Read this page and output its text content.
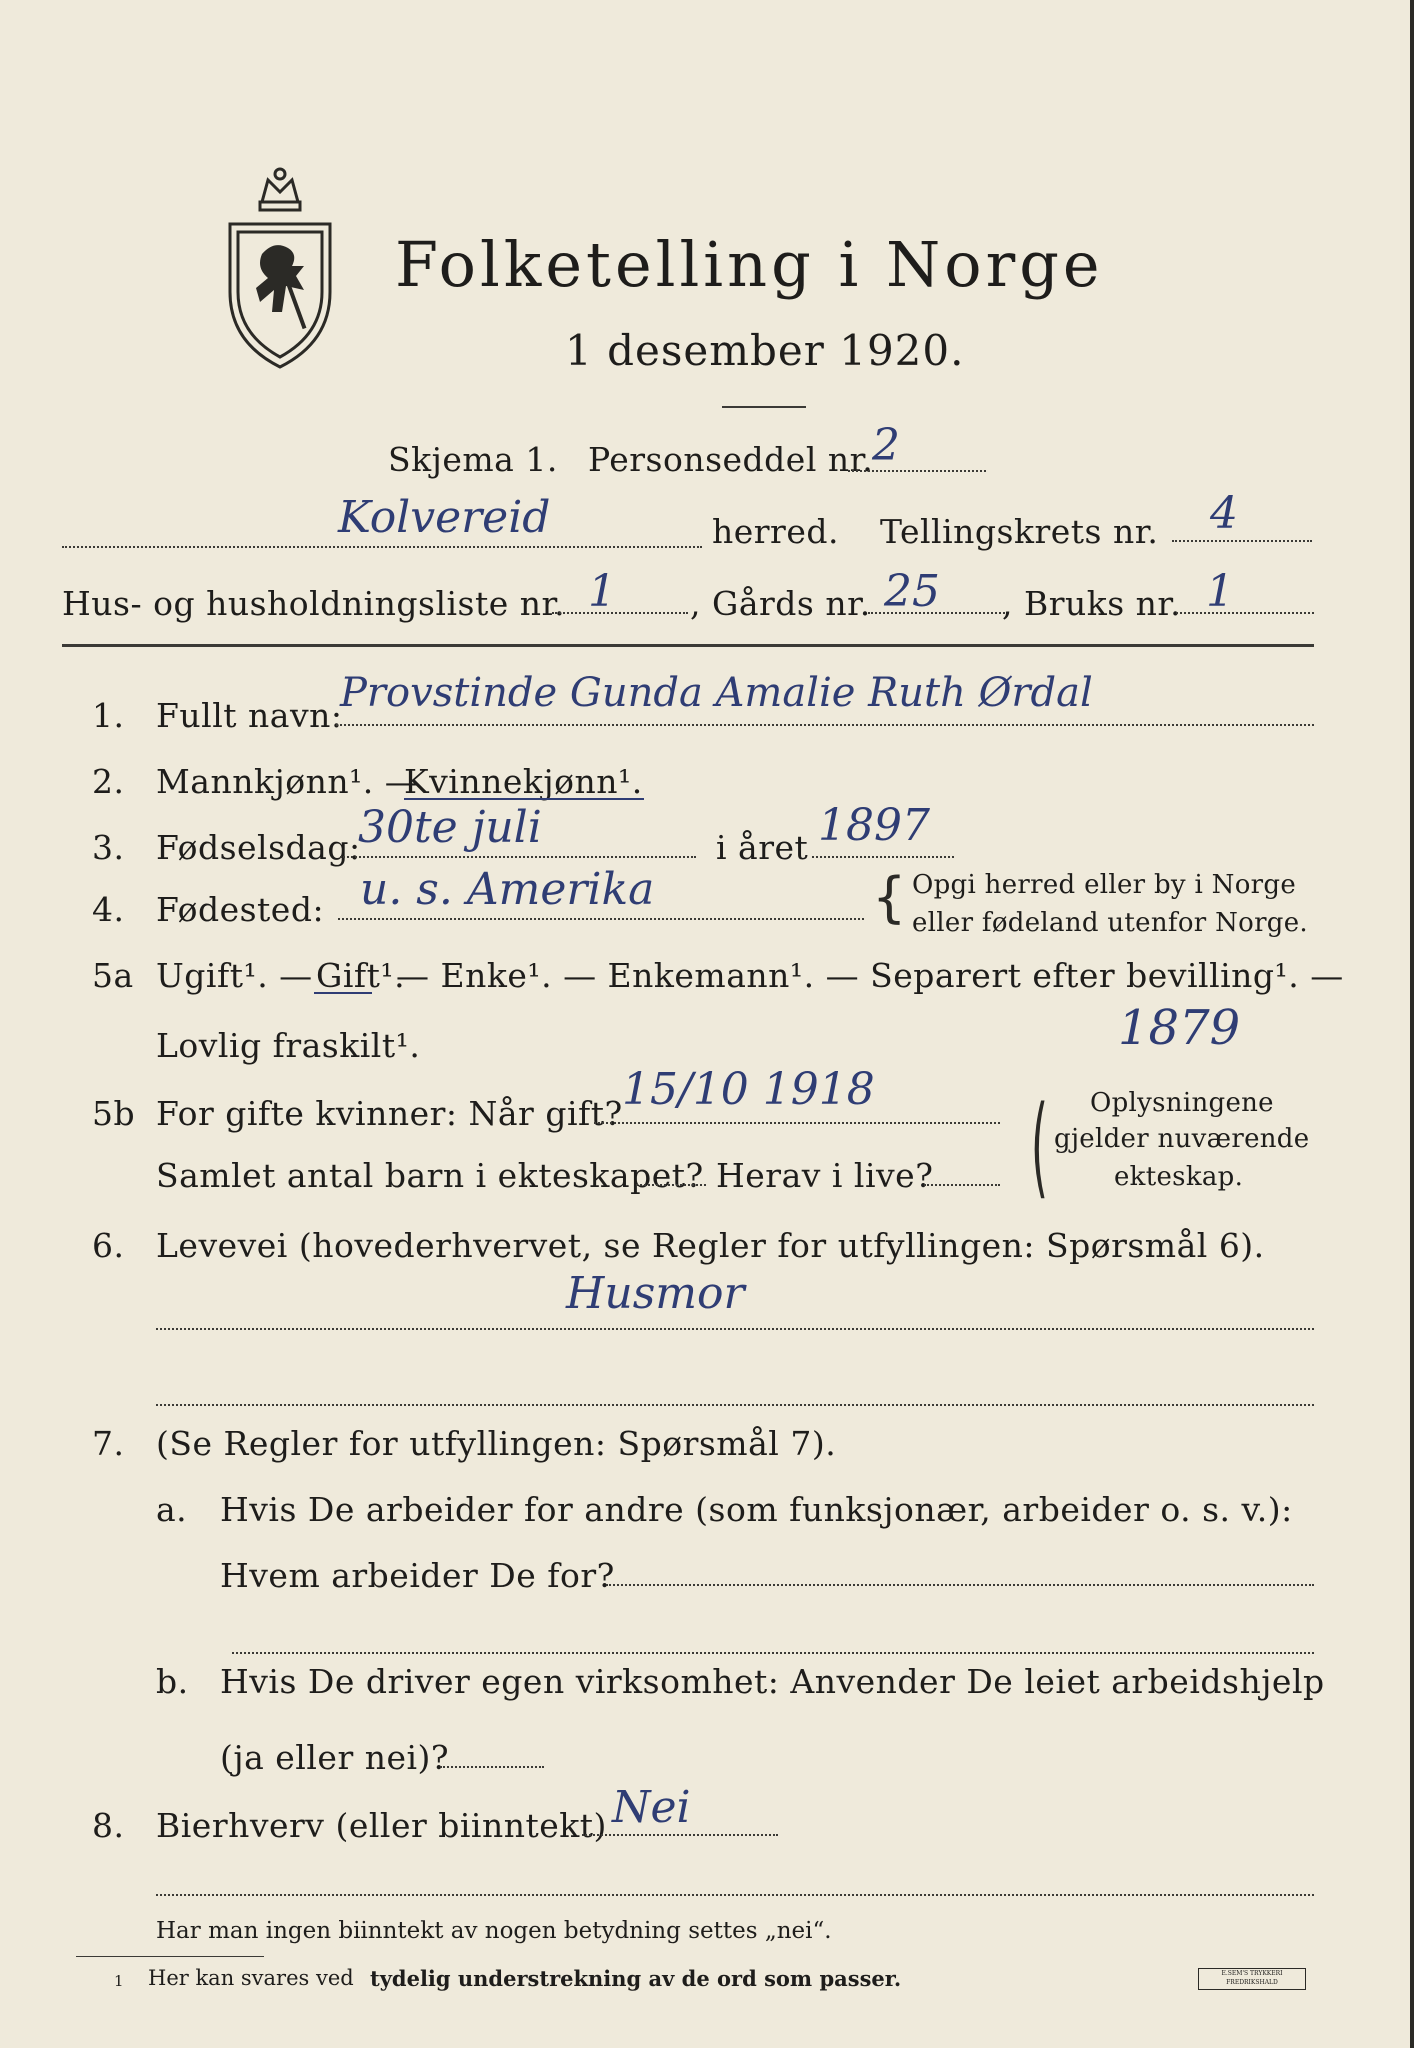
Folketelling i Norge
1 desember 1920.
Skjema 1. Personseddel nr.
2
Kolvereid	herred. Tellingskrets nr. 4
Hus- og husholdningsliste nr. 1 , Gårds nr. 25 , Bruks nr. 1
1. Fullt navn:
Provstinde Gunda Amalie Ruth Ørdal
2. Mannkjønn¹. —
Kvinnekjønn¹.
3. Fødselsdag:
30te juli	i året 1897
4. Fødested: u. s. Amerika	{ Opgi herred eller by i Norge
eller fødeland utenfor Norge.
5a Ugift¹. — Gift¹.
— Enke¹. — Enkemann¹. — Separert efter bevilling¹. —
Lovlig fraskilt¹.	1879
5b For gifte kvinner: Når gift? 15/10 1918
Samlet antal barn i ekteskapet? Herav i live? ( Oplysningene
gjelder nuværende
ekteskap.
6. Levevei (hovederhvervet, se Regler for utfyllingen: Spørsmål 6).
Husmor
7. (Se Regler for utfyllingen: Spørsmål 7).
a. Hvis De arbeider for andre (som funksjonær, arbeider o. s. v.):
Hvem arbeider De for?
b. Hvis De driver egen virksomhet: Anvender De leiet arbeidshjelp
(ja eller nei)?
8. Bierhverv (eller biinntekt) Nei
Har man ingen biinntekt av nogen betydning settes „nei“.
1 Her kan svares ved tydelig understrekning av de ord som passer.	E.SEM'S TRYKKERI FREDRIKSHALD
